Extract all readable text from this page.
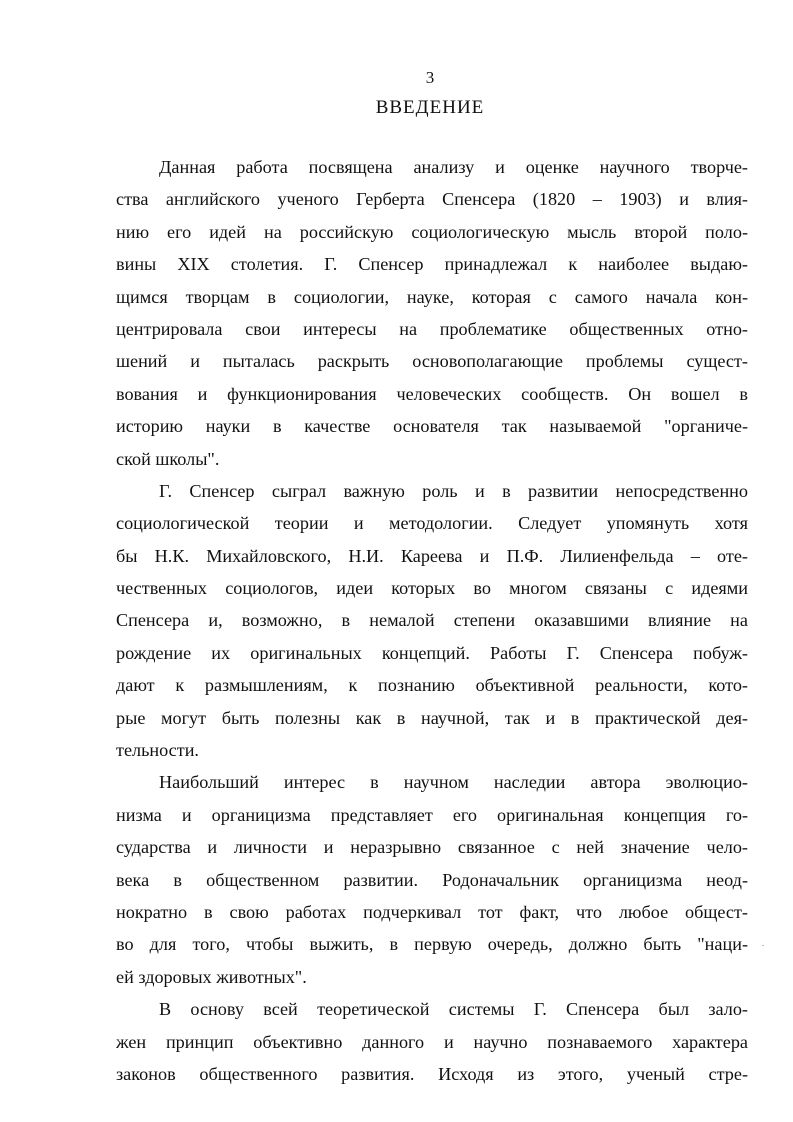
3
ВВЕДЕНИЕ
Данная работа посвящена анализу и оценке научного творче-
ства английского ученого Герберта Спенсера (1820 – 1903) и влия-
нию его идей на российскую социологическую мысль второй поло-
вины XIX столетия. Г. Спенсер принадлежал к наиболее выдаю-
щимся творцам в социологии, науке, которая с самого начала кон-
центрировала свои интересы на проблематике общественных отно-
шений и пыталась раскрыть основополагающие проблемы сущест-
вования и функционирования человеческих сообществ. Он вошел в
историю науки в качестве основателя так называемой "органиче-
ской школы".
Г. Спенсер сыграл важную роль и в развитии непосредственно
социологической теории и методологии. Следует упомянуть хотя
бы Н.К. Михайловского, Н.И. Кареева и П.Ф. Лилиенфельда – оте-
чественных социологов, идеи которых во многом связаны с идеями
Спенсера и, возможно, в немалой степени оказавшими влияние на
рождение их оригинальных концепций. Работы Г. Спенсера побуж-
дают к размышлениям, к познанию объективной реальности, кото-
рые могут быть полезны как в научной, так и в практической дея-
тельности.
Наибольший интерес в научном наследии автора эволюцио-
низма и органицизма представляет его оригинальная концепция го-
сударства и личности и неразрывно связанное с ней значение чело-
века в общественном развитии. Родоначальник органицизма неод-
нократно в свою работах подчеркивал тот факт, что любое общест-
во для того, чтобы выжить, в первую очередь, должно быть "наци-
ей здоровых животных".
В основу всей теоретической системы Г. Спенсера был зало-
жен принцип объективно данного и научно познаваемого характера
законов общественного развития. Исходя из этого, ученый стре-
